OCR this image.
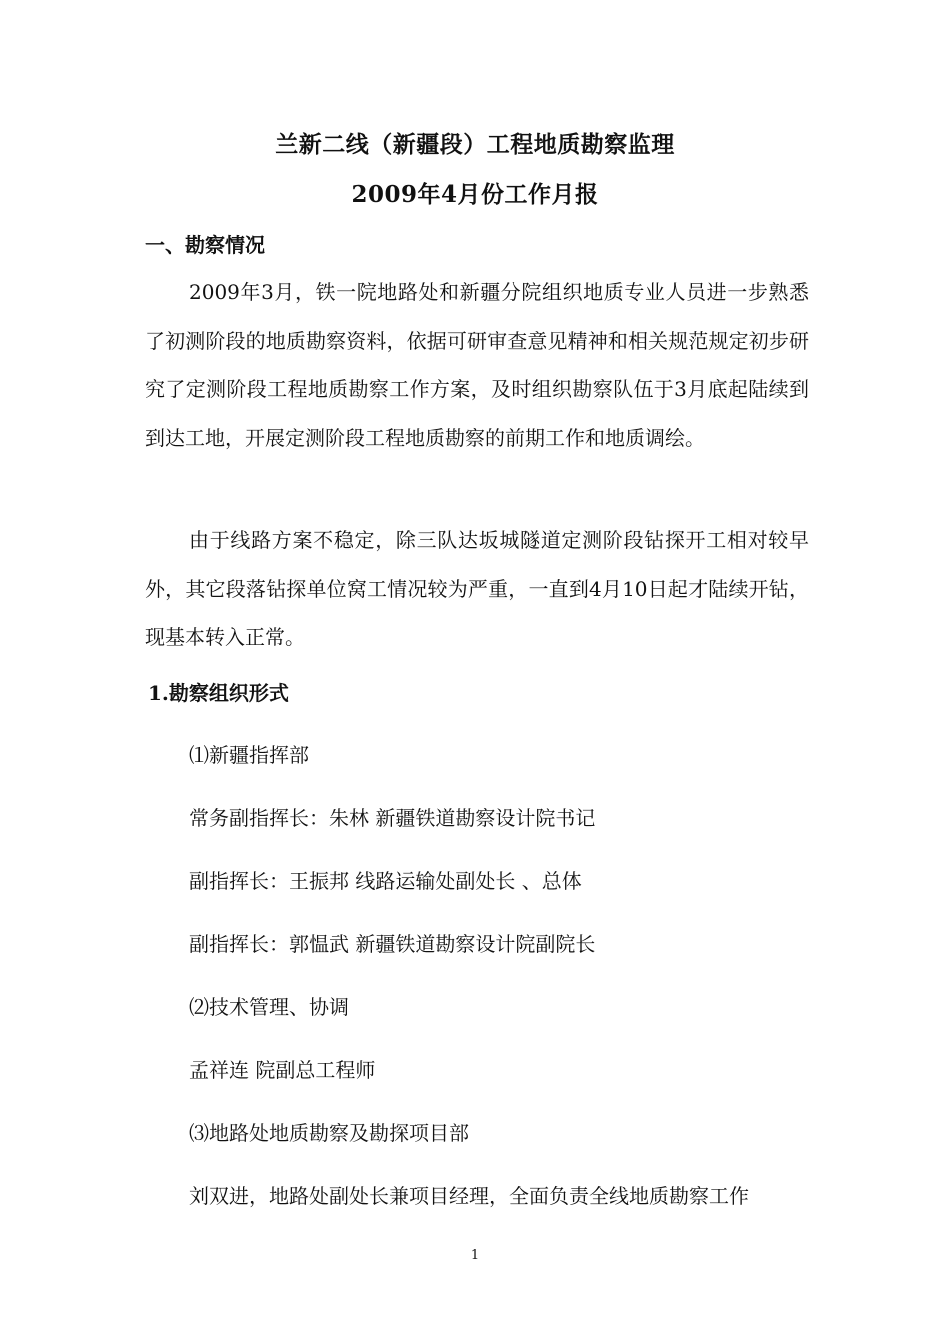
兰新二线（新疆段）工程地质勘察监理
2009年4月份工作月报
一、勘察情况

2009年3月，铁一院地路处和新疆分院组织地质专业人员进一步熟悉了初测阶段的地质勘察资料，依据可研审查意见精神和相关规范规定初步研究了定测阶段工程地质勘察工作方案，及时组织勘察队伍于3月底起陆续到到达工地，开展定测阶段工程地质勘察的前期工作和地质调绘。

由于线路方案不稳定，除三队达坂城隧道定测阶段钻探开工相对较早外，其它段落钻探单位窝工情况较为严重，一直到4月10日起才陆续开钻，现基本转入正常。

1.勘察组织形式
⑴新疆指挥部
常务副指挥长：朱林 新疆铁道勘察设计院书记
副指挥长：王振邦 线路运输处副处长 、总体
副指挥长：郭愠武 新疆铁道勘察设计院副院长
⑵技术管理、协调
孟祥连 院副总工程师
⑶地路处地质勘察及勘探项目部
刘双进，地路处副处长兼项目经理，全面负责全线地质勘察工作
1
